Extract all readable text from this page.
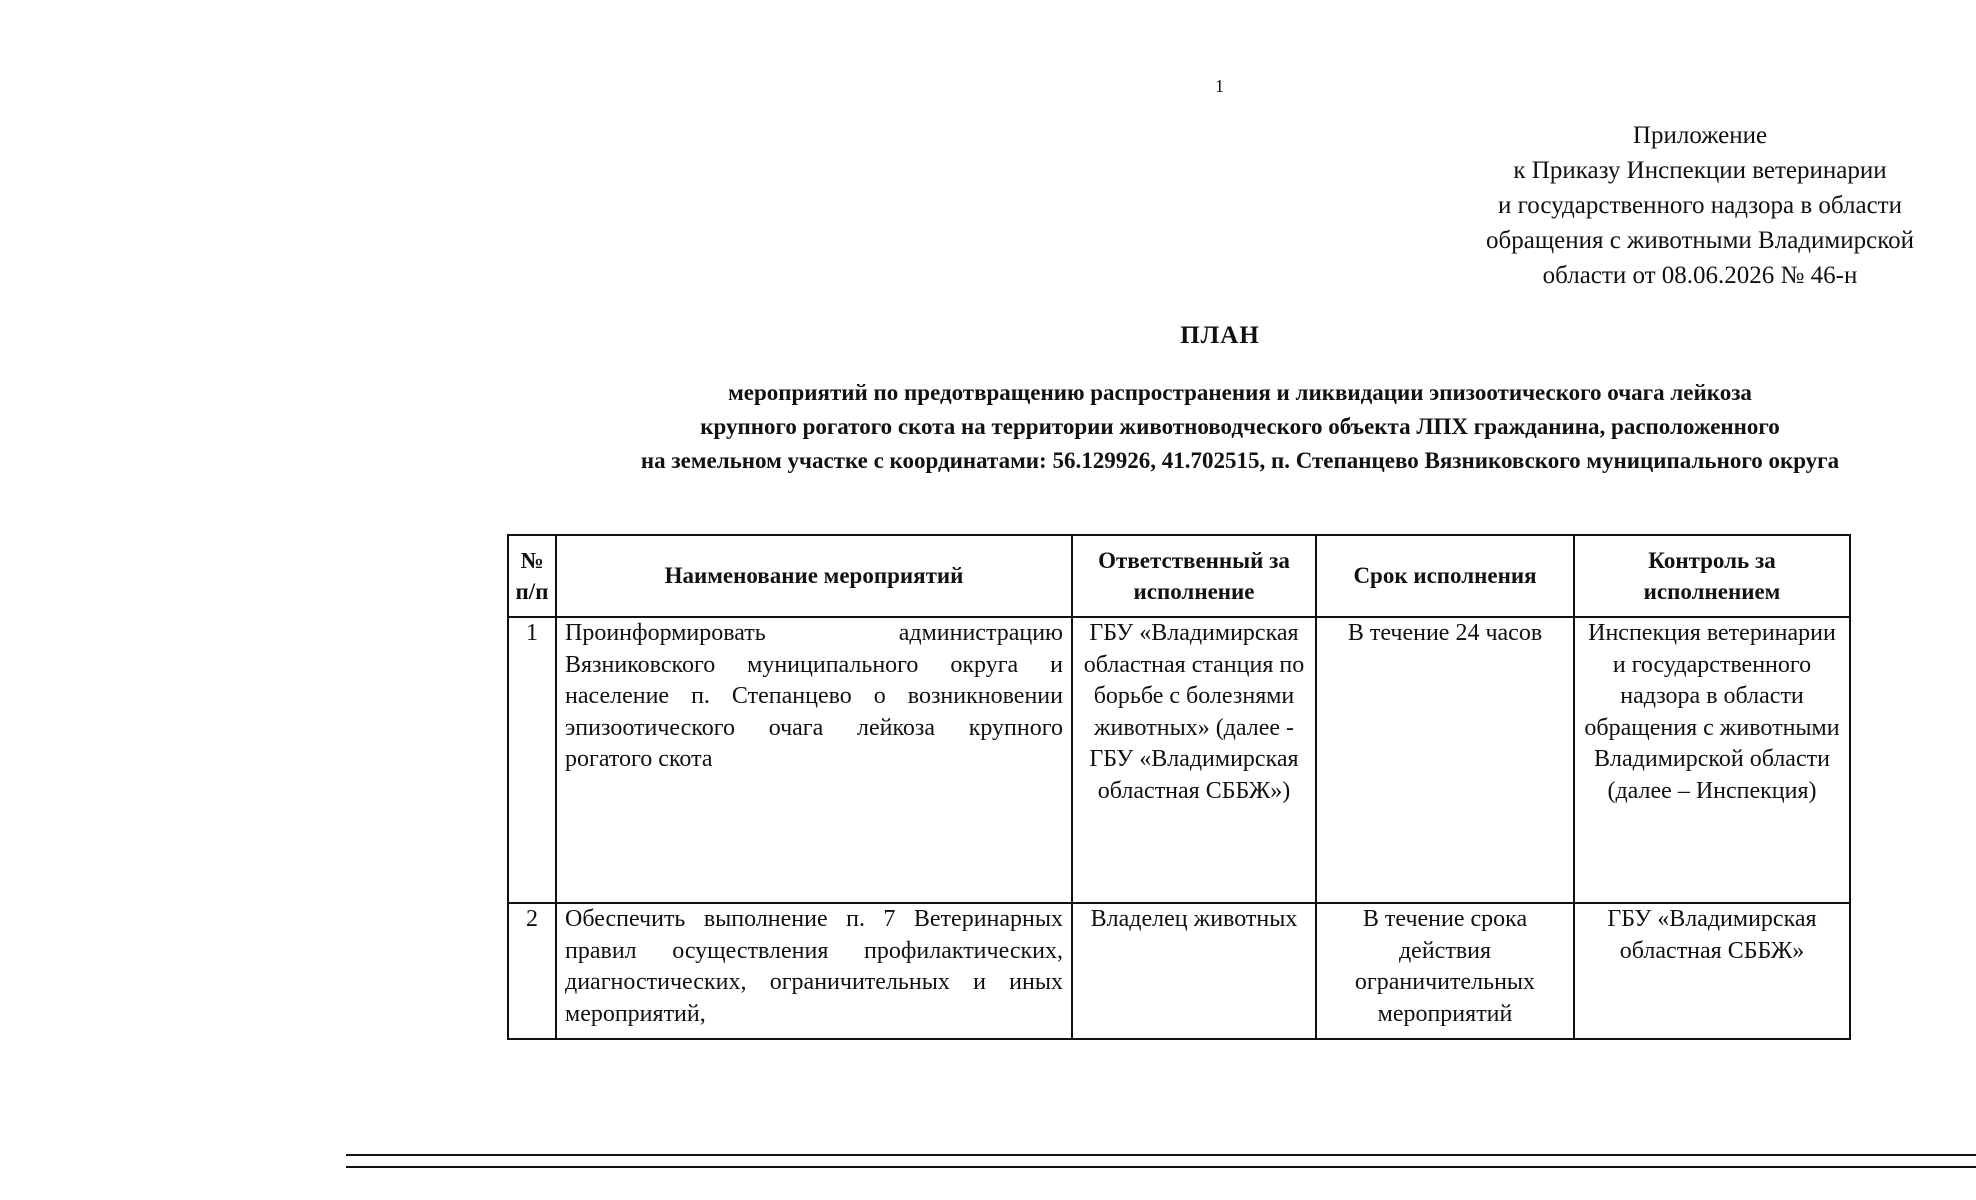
1
Приложение
к Приказу Инспекции ветеринарии
и государственного надзора в области
обращения с животными Владимирской
области от 08.06.2026 № 46-н
ПЛАН
мероприятий по предотвращению распространения и ликвидации эпизоотического очага лейкоза
крупного рогатого скота на территории животноводческого объекта ЛПХ гражданина, расположенного
на земельном участке с координатами: 56.129926, 41.702515, п. Степанцево Вязниковского муниципального округа
№ п/п	Наименование мероприятий	Ответственный за исполнение	Срок исполнения	Контроль за исполнением
1	Проинформировать администрацию Вязниковского муниципального округа и население п. Степанцево о возникновении эпизоотического очага лейкоза крупного рогатого скота	ГБУ «Владимирская областная станция по борьбе с болезнями животных» (далее - ГБУ «Владимирская областная СББЖ»)	В течение 24 часов	Инспекция ветеринарии и государственного надзора в области обращения с животными Владимирской области (далее – Инспекция)
2	Обеспечить выполнение п. 7 Ветеринарных правил осуществления профилактических, диагностических, ограничительных и иных мероприятий,	Владелец животных	В течение срока действия ограничительных мероприятий	ГБУ «Владимирская областная СББЖ»
